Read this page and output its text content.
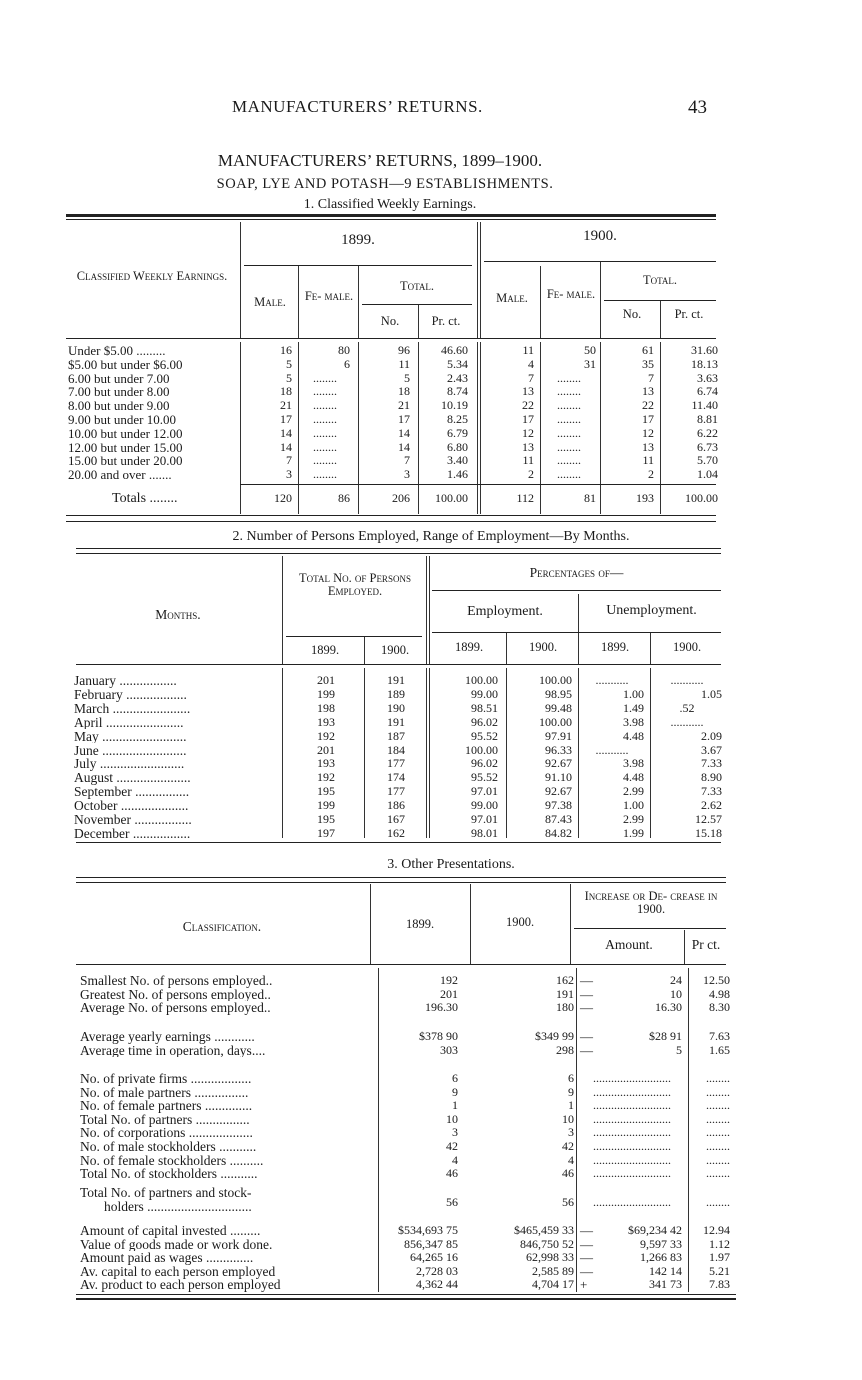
MANUFACTURERS’ RETURNS.	43
MANUFACTURERS’ RETURNS, 1899–1900.
SOAP, LYE AND POTASH—9 ESTABLISHMENTS.
1. Classified Weekly Earnings.
Classified Weekly Earnings.
1899.	1900.
Male.	Fe- male.
Total.
No.	Pr. ct.
Male.	Fe- male.
Total.
No.	Pr. ct.
Under $5.00 .........	16	80	96	46.60	11	50	61	31.60
$5.00 but under $6.00	5	6	11	5.34	4	31	35	18.13
6.00 but under 7.00	5	........	5	2.43	7	........	7	3.63
7.00 but under 8.00	18	........	18	8.74	13	........	13	6.74
8.00 but under 9.00	21	........	21	10.19	22	........	22	11.40
9.00 but under 10.00	17	........	17	8.25	17	........	17	8.81
10.00 but under 12.00	14	........	14	6.79	12	........	12	6.22
12.00 but under 15.00	14	........	14	6.80	13	........	13	6.73
15.00 but under 20.00	7	........	7	3.40	11	........	11	5.70
20.00 and over .......	3	........	3	1.46	2	........	2	1.04
Totals ........	120	86	206	100.00	112	81	193	100.00
2. Number of Persons Employed, Range of Employment—By Months.
Months.
Total No. of Persons Employed.
Percentages of—
Employment.	Unemployment.
1899.	1900.	1899.	1900.	1899.	1900.
January .................	201	191	100.00	100.00	...........	...........
February ..................	199	189	99.00	98.95	1.00	1.05
March .......................	198	190	98.51	99.48	1.49	.52
April .......................	193	191	96.02	100.00	3.98	...........
May .........................	192	187	95.52	97.91	4.48	2.09
June .........................	201	184	100.00	96.33	...........	3.67
July .........................	193	177	96.02	92.67	3.98	7.33
August ......................	192	174	95.52	91.10	4.48	8.90
September ................	195	177	97.01	92.67	2.99	7.33
October ....................	199	186	99.00	97.38	1.00	2.62
November .................	195	167	97.01	87.43	2.99	12.57
December .................	197	162	98.01	84.82	1.99	15.18
3. Other Presentations.
Classification.	1899.	1900.
Increase or De- crease in 1900.
Amount.	Pr ct.
Smallest No. of persons employed..	192	162 —	24	12.50
Greatest No. of persons employed..	201	191 —	10	4.98
Average No. of persons employed..	196.30	180 —	16.30	8.30
Average yearly earnings ............	$378 90	$349 99 —	$28 91	7.63
Average time in operation, days....	303	298 —	5	1.65
No. of private firms ..................	6	6	..........................	........
No. of male partners ................	9	9	..........................	........
No. of female partners ..............	1	1	..........................	........
Total No. of partners ................	10	10	..........................	........
No. of corporations ...................	3	3	..........................	........
No. of male stockholders ...........	42	42	..........................	........
No. of female stockholders ..........	4	4	..........................	........
Total No. of stockholders ...........	46	46	..........................	........
Total No. of partners and stock-
holders ...............................	56	56	..........................	........
Amount of capital invested .........	$534,693 75	$465,459 33 —	$69,234 42	12.94
Value of goods made or work done.	856,347 85	846,750 52 —	9,597 33	1.12
Amount paid as wages ..............	64,265 16	62,998 33 —	1,266 83	1.97
Av. capital to each person employed	2,728 03	2,585 89 —	142 14	5.21
Av. product to each person employed	4,362 44	4,704 17 +	341 73	7.83
